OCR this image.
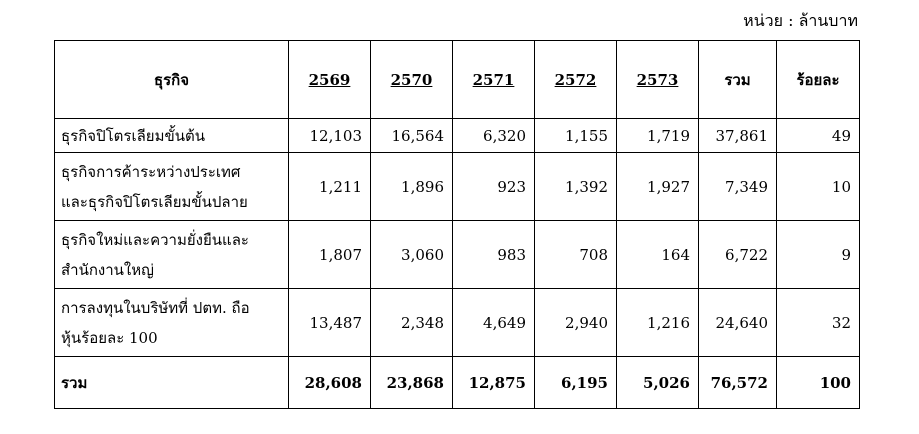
หน่วย : ล้านบาท
ธุรกิจ	2569	2570	2571	2572	2573	รวม	ร้อยละ

ธุรกิจปิโตรเลียมขั้นต้น	12,103	16,564	6,320	1,155	1,719	37,861	49

ธุรกิจการค้าระหว่างประเทศ
และธุรกิจปิโตรเลียมขั้นปลาย	1,211	1,896	923	1,392	1,927	7,349	10

ธุรกิจใหม่และความยั่งยืนและ
สำนักงานใหญ่	1,807	3,060	983	708	164	6,722	9

การลงทุนในบริษัทที่ ปตท. ถือ
หุ้นร้อยละ 100	13,487	2,348	4,649	2,940	1,216	24,640	32
รวม	28,608	23,868	12,875	6,195	5,026	76,572	100
